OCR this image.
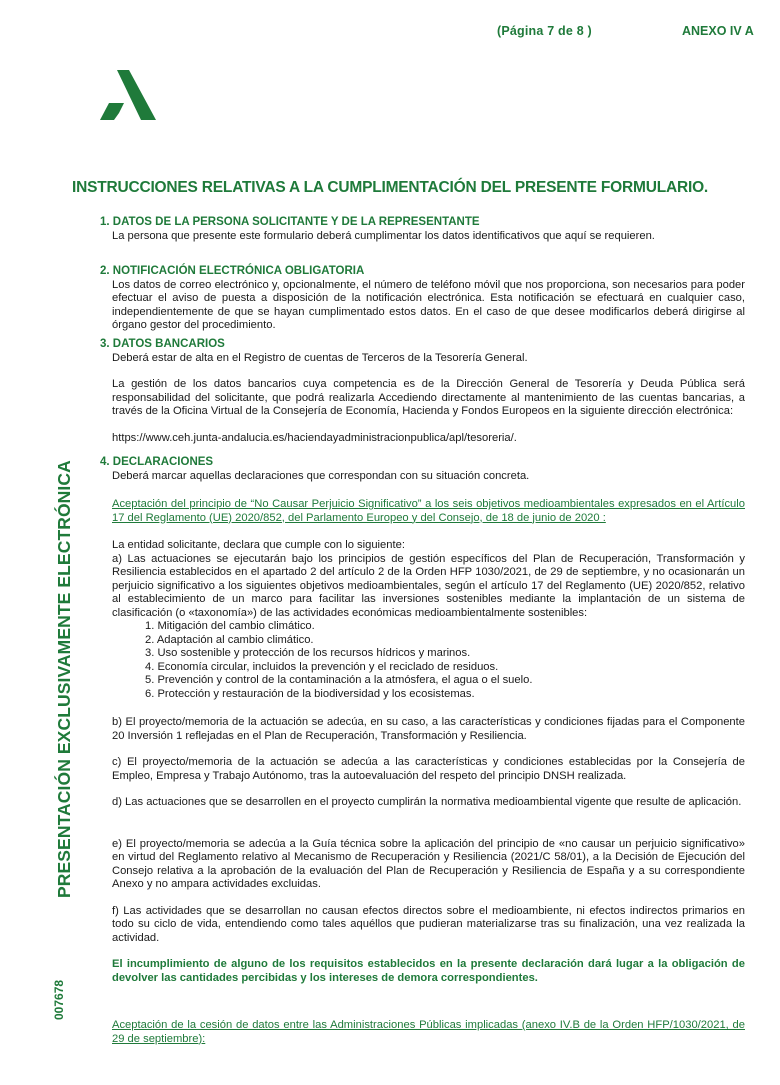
(Página 7 de 8 )	ANEXO IV A
INSTRUCCIONES RELATIVAS A LA CUMPLIMENTACIÓN DEL PRESENTE FORMULARIO.
1. DATOS DE LA PERSONA SOLICITANTE Y DE LA REPRESENTANTE
La persona que presente este formulario deberá cumplimentar los datos identificativos que aquí se requieren.
2. NOTIFICACIÓN ELECTRÓNICA OBLIGATORIA
Los datos de correo electrónico y, opcionalmente, el número de teléfono móvil que nos proporciona, son necesarios para poder efectuar el aviso de puesta a disposición de la notificación electrónica. Esta notificación se efectuará en cualquier caso, independientemente de que se hayan cumplimentado estos datos. En el caso de que desee modificarlos deberá dirigirse al órgano gestor del procedimiento.
3. DATOS BANCARIOS
Deberá estar de alta en el Registro de cuentas de Terceros de la Tesorería General.
La gestión de los datos bancarios cuya competencia es de la Dirección General de Tesorería y Deuda Pública será responsabilidad del solicitante, que podrá realizarla Accediendo directamente al mantenimiento de las cuentas bancarias, a través de la Oficina Virtual de la Consejería de Economía, Hacienda y Fondos Europeos en la siguiente dirección electrónica:
https://www.ceh.junta-andalucia.es/haciendayadministracionpublica/apl/tesoreria/.
4. DECLARACIONES
Deberá marcar aquellas declaraciones que correspondan con su situación concreta.
Aceptación del principio de “No Causar Perjuicio Significativo” a los seis objetivos medioambientales expresados en el Artículo 17 del Reglamento (UE) 2020/852, del Parlamento Europeo y del Consejo, de 18 de junio de 2020 :
La entidad solicitante, declara que cumple con lo siguiente:
a) Las actuaciones se ejecutarán bajo los principios de gestión específicos del Plan de Recuperación, Transformación y Resiliencia establecidos en el apartado 2 del artículo 2 de la Orden HFP 1030/2021, de 29 de septiembre, y no ocasionarán un perjuicio significativo a los siguientes objetivos medioambientales, según el artículo 17 del Reglamento (UE) 2020/852, relativo al establecimiento de un marco para facilitar las inversiones sostenibles mediante la implantación de un sistema de clasificación (o «taxonomía») de las actividades económicas medioambientalmente sostenibles:
1. Mitigación del cambio climático.
2. Adaptación al cambio climático.
3. Uso sostenible y protección de los recursos hídricos y marinos.
4. Economía circular, incluidos la prevención y el reciclado de residuos.
5. Prevención y control de la contaminación a la atmósfera, el agua o el suelo.
6. Protección y restauración de la biodiversidad y los ecosistemas.
b) El proyecto/memoria de la actuación se adecúa, en su caso, a las características y condiciones fijadas para el Componente 20 Inversión 1 reflejadas en el Plan de Recuperación, Transformación y Resiliencia.
c) El proyecto/memoria de la actuación se adecúa a las características y condiciones establecidas por la Consejería de Empleo, Empresa y Trabajo Autónomo, tras la autoevaluación del respeto del principio DNSH realizada.
d) Las actuaciones que se desarrollen en el proyecto cumplirán la normativa medioambiental vigente que resulte de aplicación.
e) El proyecto/memoria se adecúa a la Guía técnica sobre la aplicación del principio de «no causar un perjuicio significativo» en virtud del Reglamento relativo al Mecanismo de Recuperación y Resiliencia (2021/C 58/01), a la Decisión de Ejecución del Consejo relativa a la aprobación de la evaluación del Plan de Recuperación y Resiliencia de España y a su correspondiente Anexo y no ampara actividades excluidas.
f) Las actividades que se desarrollan no causan efectos directos sobre el medioambiente, ni efectos indirectos primarios en todo su ciclo de vida, entendiendo como tales aquéllos que pudieran materializarse tras su finalización, una vez realizada la actividad.
El incumplimiento de alguno de los requisitos establecidos en la presente declaración dará lugar a la obligación de devolver las cantidades percibidas y los intereses de demora correspondientes.
Aceptación de la cesión de datos entre las Administraciones Públicas implicadas (anexo IV.B de la Orden HFP/1030/2021, de 29 de septiembre):
PRESENTACIÓN EXCLUSIVAMENTE ELECTRÓNICA
007678
